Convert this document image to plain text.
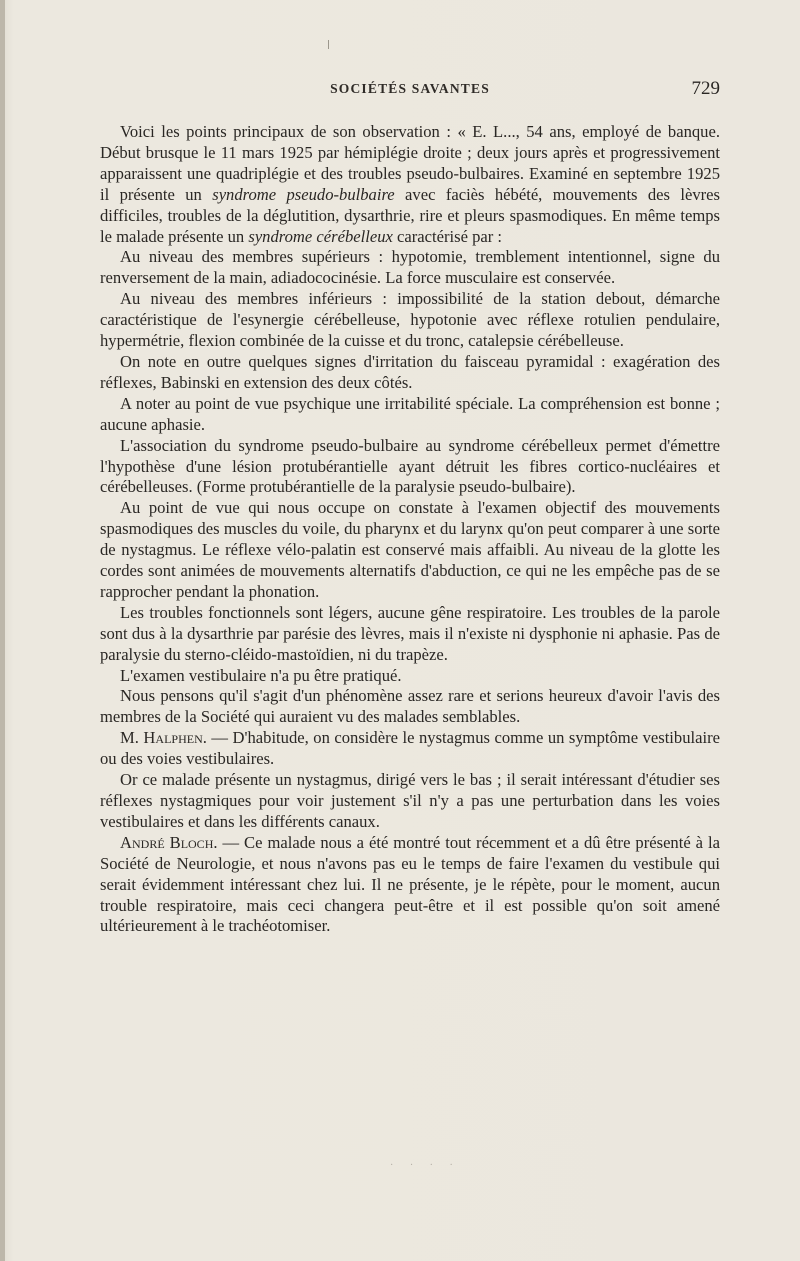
SOCIÉTÉS SAVANTES	729

Voici les points principaux de son observation : « E. L..., 54 ans, employé de banque. Début brusque le 11 mars 1925 par hémiplégie droite ; deux jours après et progressivement apparaissent une quadriplégie et des troubles pseudo-bulbaires. Examiné en septembre 1925 il présente un syndrome pseudo-bulbaire avec faciès hébété, mouvements des lèvres difficiles, troubles de la déglutition, dysarthrie, rire et pleurs spasmodiques. En même temps le malade présente un syndrome cérébelleux caractérisé par :

Au niveau des membres supérieurs : hypotomie, tremblement intentionnel, signe du renversement de la main, adiadococinésie. La force musculaire est conservée.

Au niveau des membres inférieurs : impossibilité de la station debout, démarche caractéristique de l'esynergie cérébelleuse, hypotonie avec réflexe rotulien pendulaire, hypermétrie, flexion combinée de la cuisse et du tronc, catalepsie cérébelleuse.

On note en outre quelques signes d'irritation du faisceau pyramidal : exagération des réflexes, Babinski en extension des deux côtés.

A noter au point de vue psychique une irritabilité spéciale. La compréhension est bonne ; aucune aphasie.

L'association du syndrome pseudo-bulbaire au syndrome cérébelleux permet d'émettre l'hypothèse d'une lésion protubérantielle ayant détruit les fibres cortico-nucléaires et cérébelleuses. (Forme protubérantielle de la paralysie pseudo-bulbaire).

Au point de vue qui nous occupe on constate à l'examen objectif des mouvements spasmodiques des muscles du voile, du pharynx et du larynx qu'on peut comparer à une sorte de nystagmus. Le réflexe vélo-palatin est conservé mais affaibli. Au niveau de la glotte les cordes sont animées de mouvements alternatifs d'abduction, ce qui ne les empêche pas de se rapprocher pendant la phonation.

Les troubles fonctionnels sont légers, aucune gêne respiratoire. Les troubles de la parole sont dus à la dysarthrie par parésie des lèvres, mais il n'existe ni dysphonie ni aphasie. Pas de paralysie du sterno-cléido-mastoïdien, ni du trapèze.

L'examen vestibulaire n'a pu être pratiqué.

Nous pensons qu'il s'agit d'un phénomène assez rare et serions heureux d'avoir l'avis des membres de la Société qui auraient vu des malades semblables.

M. Halphen. — D'habitude, on considère le nystagmus comme un symptôme vestibulaire ou des voies vestibulaires.

Or ce malade présente un nystagmus, dirigé vers le bas ; il serait intéressant d'étudier ses réflexes nystagmiques pour voir justement s'il n'y a pas une perturbation dans les voies vestibulaires et dans les différents canaux.

André Bloch. — Ce malade nous a été montré tout récemment et a dû être présenté à la Société de Neurologie, et nous n'avons pas eu le temps de faire l'examen du vestibule qui serait évidemment intéressant chez lui. Il ne présente, je le répète, pour le moment, aucun trouble respiratoire, mais ceci changera peut-être et il est possible qu'on soit amené ultérieurement à le trachéotomiser.

· · · ·
